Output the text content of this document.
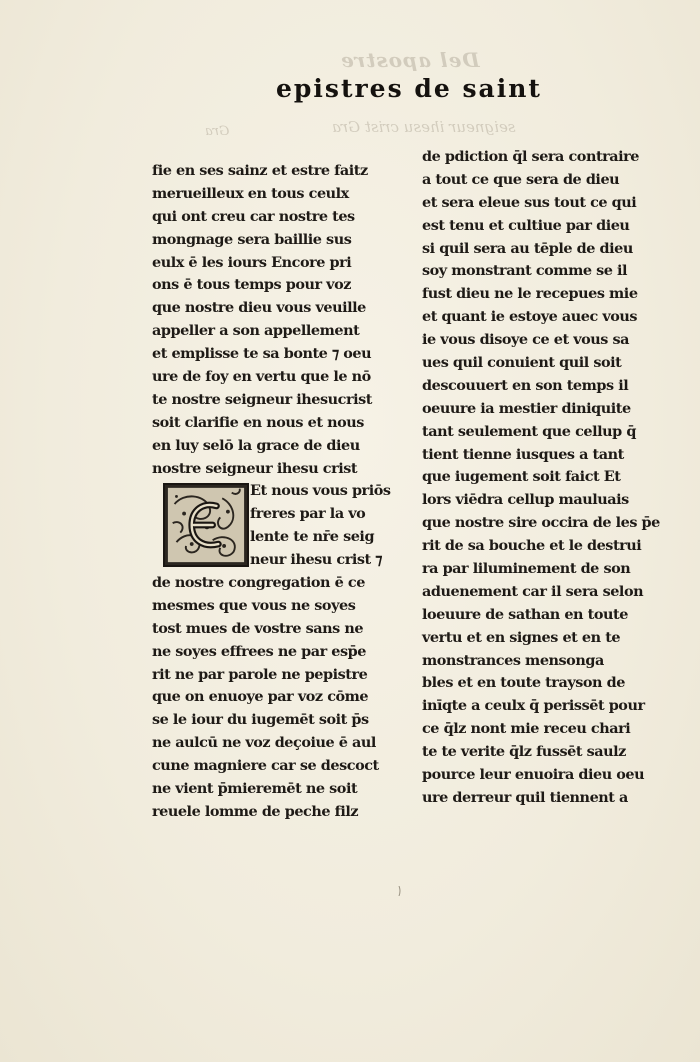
Del apostre
seigneur ihesu crist Gra
Gra
epistres de saint
fie en ses sainz et estre faitz
merueilleux en tous ceulx
qui ont creu car nostre tes
mongnage sera baillie sus
eulx ē les iours Encore pri
ons ē tous temps pour voz
que nostre dieu vous veuille
appeller a son appellement
et emplisse te sa bonte ⁊ oeu
ure de foy en vertu que le nō
te nostre seigneur ihesucrist
soit clarifie en nous et nous
en luy selō la grace de dieu
nostre seigneur ihesu crist
Et nous vous priōs
freres par la vo
lente te nr̄e seig
neur ihesu crist ⁊
de nostre congregation ē ce
mesmes que vous ne soyes
tost mues de vostre sans ne
ne soyes effrees ne par esp̄e
rit ne par parole ne pepistre
que on enuoye par voz cōme
se le iour du iugemēt soit p̄s
ne aulcū ne voz deçoiue ē aul
cune magniere car se descoct
ne vient p̄mieremēt ne soit
reuele lomme de peche filz
de pdiction q̄l sera contraire
a tout ce que sera de dieu
et sera eleue sus tout ce qui
est tenu et cultiue par dieu
si quil sera au tēple de dieu
soy monstrant comme se il
fust dieu ne le recepues mie
et quant ie estoye auec vous
ie vous disoye ce et vous sa
ues quil conuient quil soit
descouuert en son temps il
oeuure ia mestier diniquite
tant seulement que cellup q̄
tient tienne iusques a tant
que iugement soit faict Et
lors viēdra cellup mauluais
que nostre sire occira de les p̄e
rit de sa bouche et le destrui
ra par liluminement de son
aduenement car il sera selon
loeuure de sathan en toute
vertu et en signes et en te
monstrances mensonga
bles et en toute trayson de
inīqte a ceulx q̄ perissēt pour
ce q̄lz nont mie receu chari
te te verite q̄lz fussēt saulz
pource leur enuoira dieu oeu
ure derreur quil tiennent a
